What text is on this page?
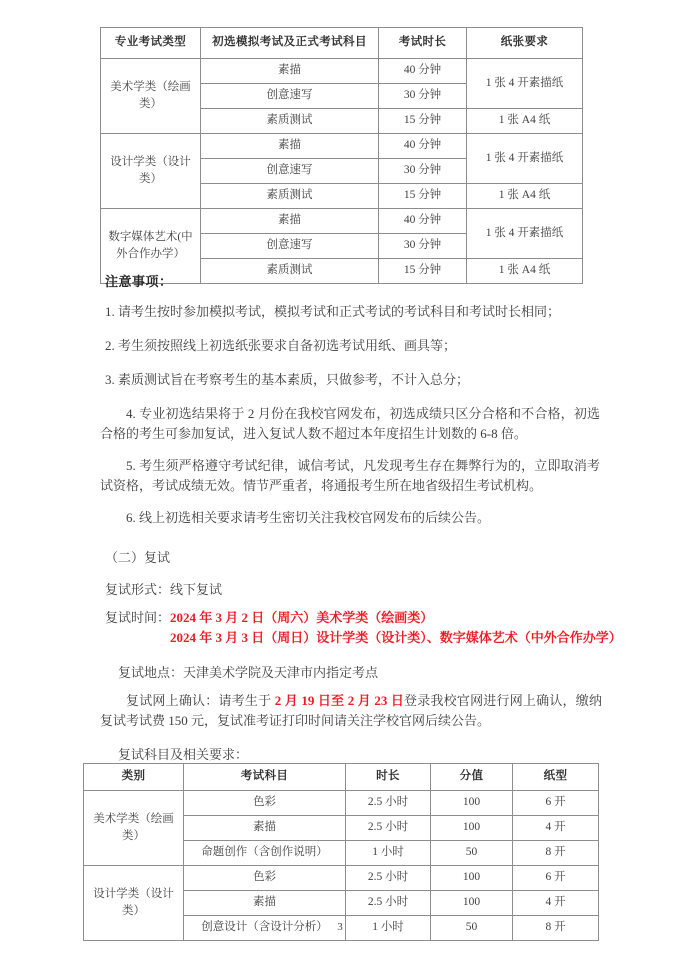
专业考试类型	初选模拟考试及正式考试科目	考试时长	纸张要求
美术学类（绘画类）	素描	40 分钟	1 张 4 开素描纸
	创意速写	30 分钟	
	素质测试	15 分钟	1 张 A4 纸
设计学类（设计类）	素描	40 分钟	1 张 4 开素描纸
	创意速写	30 分钟	
	素质测试	15 分钟	1 张 A4 纸
数字媒体艺术(中外合作办学）	素描	40 分钟	1 张 4 开素描纸
	创意速写	30 分钟	
	素质测试	15 分钟	1 张 A4 纸
注意事项：
1. 请考生按时参加模拟考试，模拟考试和正式考试的考试科目和考试时长相同；
2. 考生须按照线上初选纸张要求自备初选考试用纸、画具等；
3. 素质测试旨在考察考生的基本素质，只做参考，不计入总分；
4. 专业初选结果将于 2 月份在我校官网发布，初选成绩只区分合格和不合格，初选合格的考生可参加复试，进入复试人数不超过本年度招生计划数的 6-8 倍。
5. 考生须严格遵守考试纪律，诚信考试，凡发现考生存在舞弊行为的，立即取消考试资格，考试成绩无效。情节严重者，将通报考生所在地省级招生考试机构。
6. 线上初选相关要求请考生密切关注我校官网发布的后续公告。
（二）复试
复试形式：线下复试
复试时间：2024 年 3 月 2 日（周六）美术学类（绘画类）
2024 年 3 月 3 日（周日）设计学类（设计类）、数字媒体艺术（中外合作办学）
复试地点：天津美术学院及天津市内指定考点
复试网上确认：请考生于 2 月 19 日至 2 月 23 日登录我校官网进行网上确认，缴纳复试考试费 150 元，复试准考证打印时间请关注学校官网后续公告。
复试科目及相关要求：
类别	考试科目	时长	分值	纸型
美术学类（绘画类）	色彩	2.5 小时	100	6 开
	素描	2.5 小时	100	4 开
	命题创作（含创作说明）	1 小时	50	8 开
设计学类（设计类）	色彩	2.5 小时	100	6 开
	素描	2.5 小时	100	4 开
	创意设计（含设计分析）	1 小时	50	8 开
3
